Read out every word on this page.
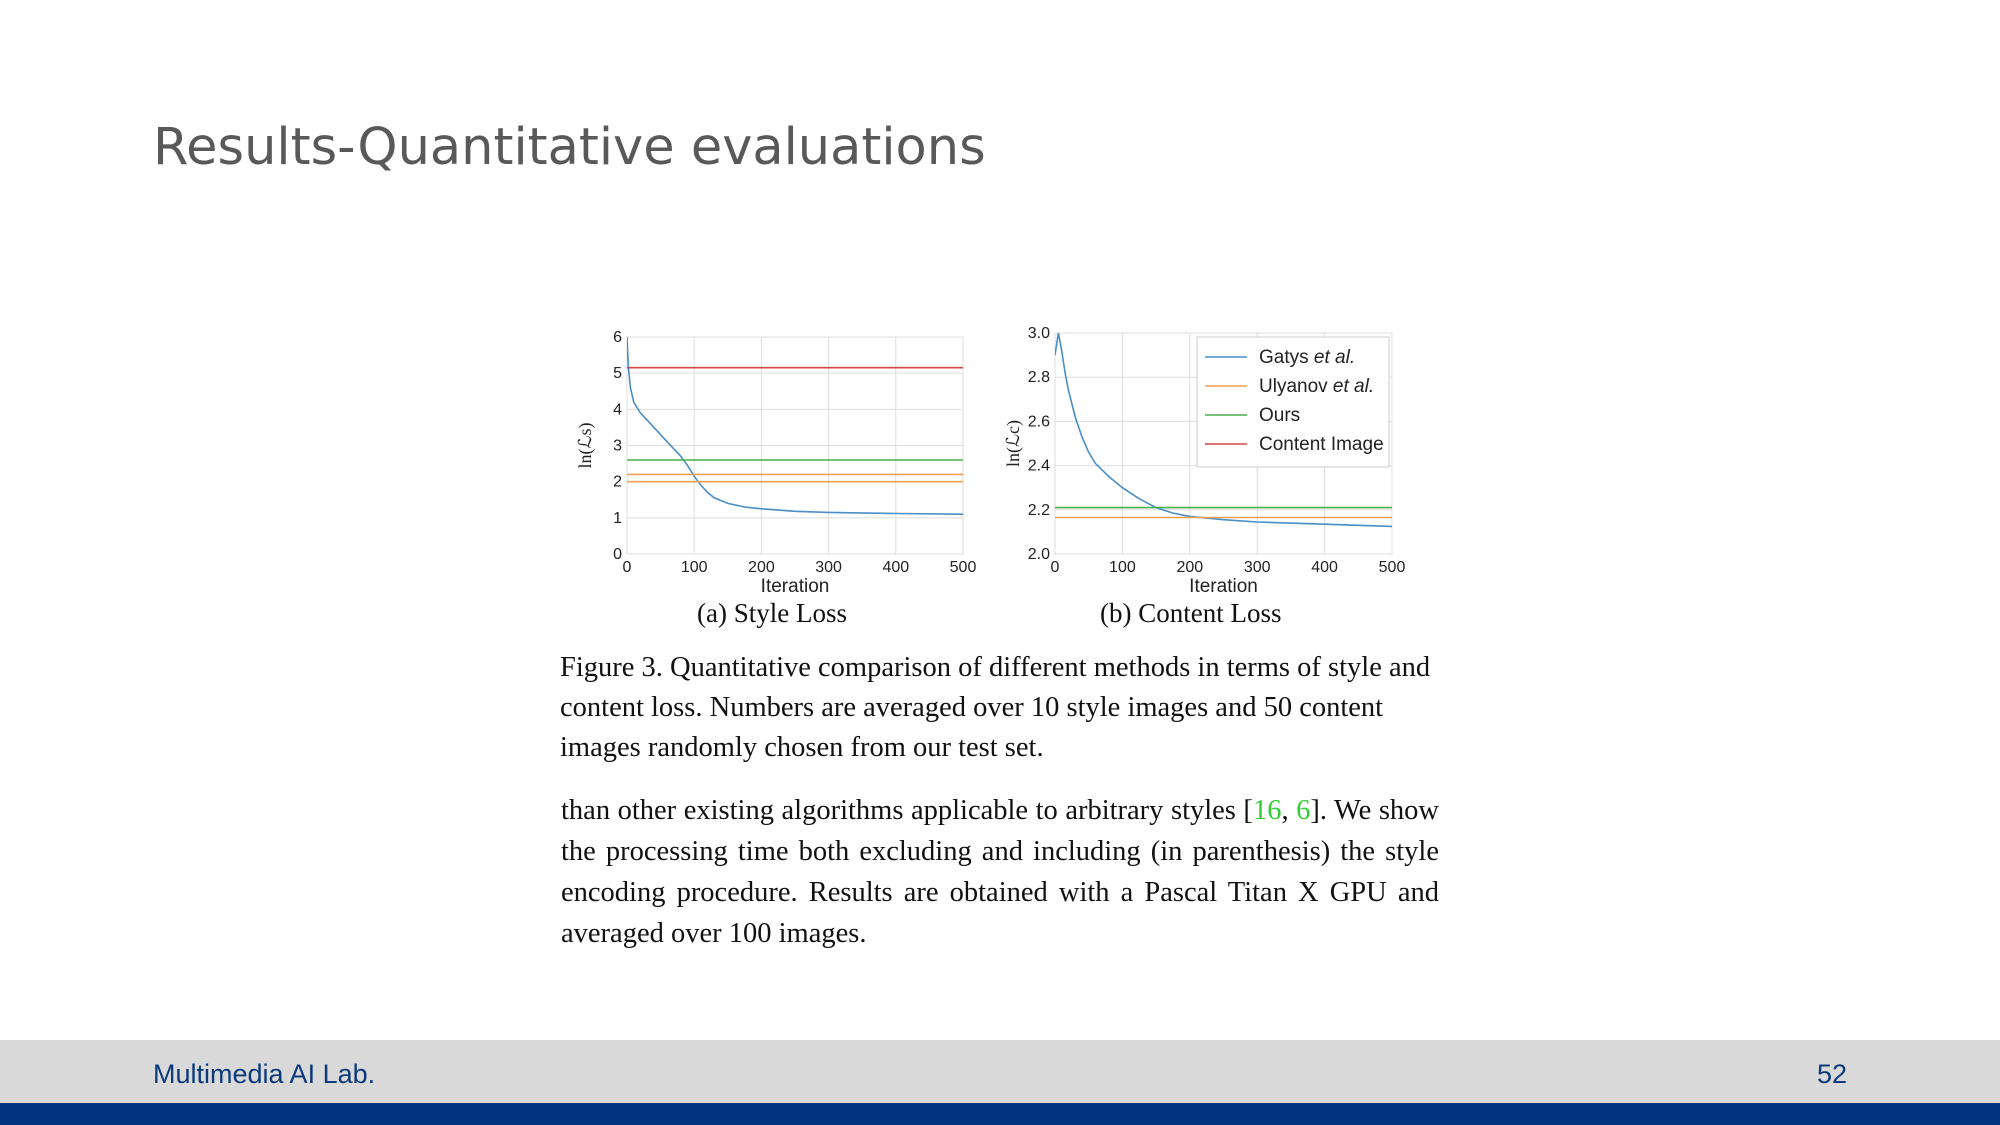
Results-Quantitative evaluations
0	100	200	300	400	500
0
1
2
3
4
5
6
Iteration
ln(ℒs)
0	100	200	300	400	500
2.0
2.2
2.4
2.6
2.8
3.0
Iteration
ln(ℒc)
Gatys et al.
Ulyanov et al.
Ours
Content Image
(a) Style Loss	(b) Content Loss
Figure 3. Quantitative comparison of different methods in terms of style and content loss. Numbers are averaged over 10 style images and 50 content images randomly chosen from our test set.
than other existing algorithms applicable to arbitrary styles [16, 6]. We show the processing time both excluding and including (in parenthesis) the style encoding procedure. Results are obtained with a Pascal Titan X GPU and averaged over 100 images.
Multimedia AI Lab.	52
